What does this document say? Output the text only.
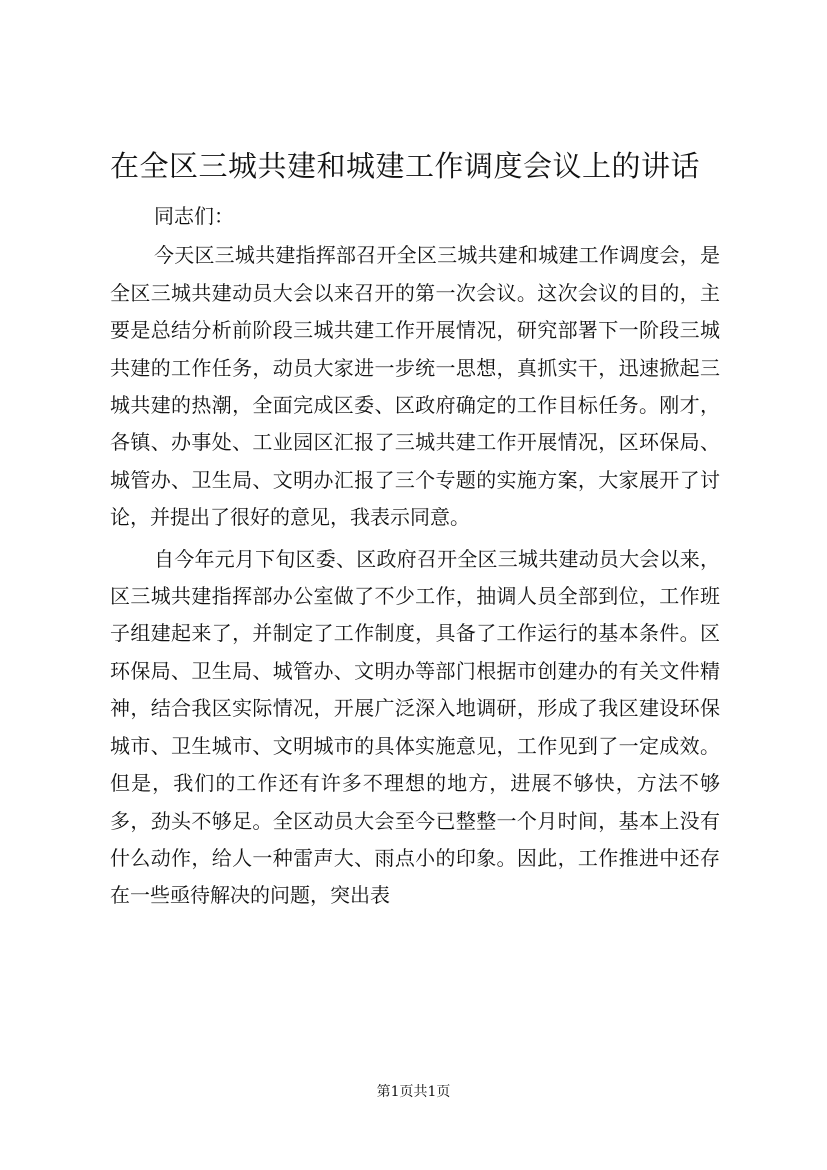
在全区三城共建和城建工作调度会议上的讲话

同志们：

今天区三城共建指挥部召开全区三城共建和城建工作调度会，是全区三城共建动员大会以来召开的第一次会议。这次会议的目的，主要是总结分析前阶段三城共建工作开展情况，研究部署下一阶段三城共建的工作任务，动员大家进一步统一思想，真抓实干，迅速掀起三城共建的热潮，全面完成区委、区政府确定的工作目标任务。刚才，各镇、办事处、工业园区汇报了三城共建工作开展情况，区环保局、城管办、卫生局、文明办汇报了三个专题的实施方案，大家展开了讨论，并提出了很好的意见，我表示同意。

自今年元月下旬区委、区政府召开全区三城共建动员大会以来，区三城共建指挥部办公室做了不少工作，抽调人员全部到位，工作班子组建起来了，并制定了工作制度，具备了工作运行的基本条件。区环保局、卫生局、城管办、文明办等部门根据市创建办的有关文件精神，结合我区实际情况，开展广泛深入地调研，形成了我区建设环保城市、卫生城市、文明城市的具体实施意见，工作见到了一定成效。但是，我们的工作还有许多不理想的地方，进展不够快，方法不够多，劲头不够足。全区动员大会至今已整整一个月时间，基本上没有什么动作，给人一种雷声大、雨点小的印象。因此，工作推进中还存在一些亟待解决的问题，突出表

第1页共1页
